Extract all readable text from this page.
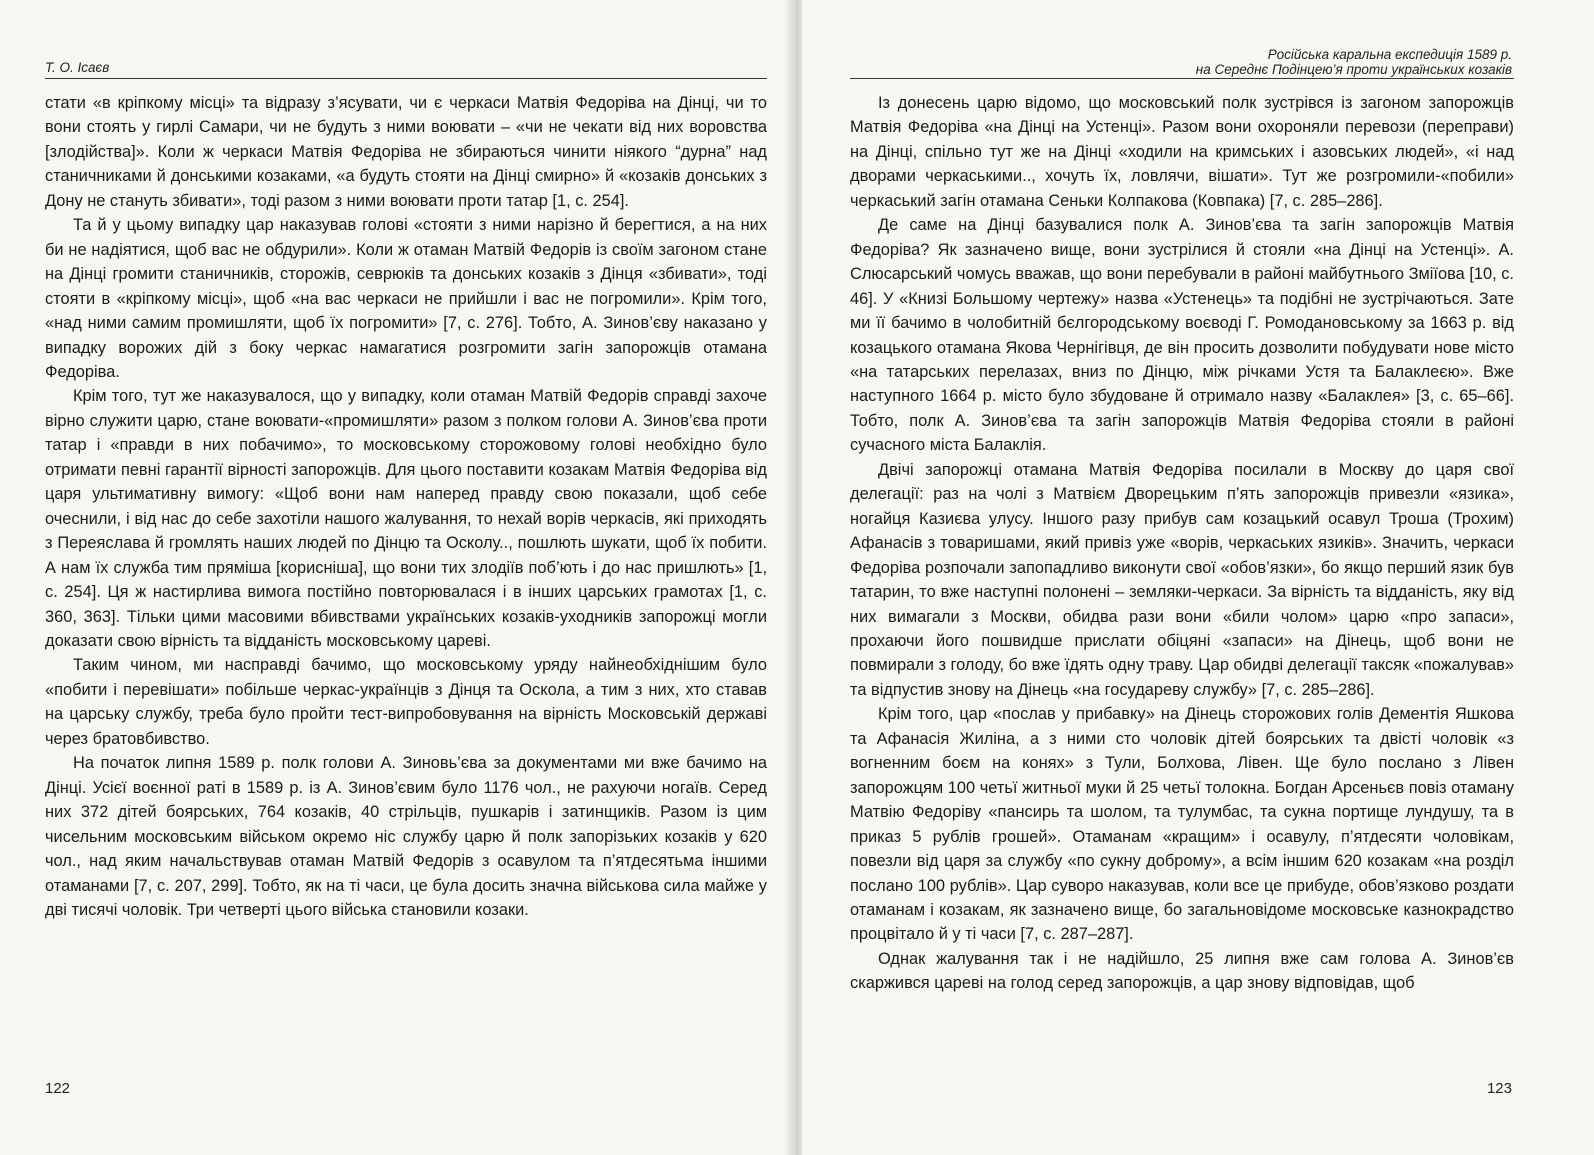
Т. О. Ісаєв

стати «в кріпкому місці» та відразу з’ясувати, чи є черкаси Матвія Федоріва на Дінці, чи то вони стоять у гирлі Самари, чи не будуть з ними воювати – «чи не чекати від них воровства [злодійства]». Коли ж черкаси Матвія Федоріва не збираються чинити ніякого “дурна” над станичниками й донськими козаками, «а будуть стояти на Дінці смирно» й «козаків донських з Дону не стануть збивати», тоді разом з ними воювати проти татар [1, с. 254].

Та й у цьому випадку цар наказував голові «стояти з ними нарізно й берегтися, а на них би не надіятися, щоб вас не обдурили». Коли ж отаман Матвій Федорів із своїм загоном стане на Дінці громити станичників, сторожів, севрюків та донських козаків з Дінця «збивати», тоді стояти в «кріпкому місці», щоб «на вас черкаси не прийшли і вас не погромили». Крім того, «над ними самим промишляти, щоб їх погромити» [7, с. 276]. Тобто, А. Зинов’єву наказано у випадку ворожих дій з боку черкас намагатися розгромити загін запорожців отамана Федоріва.

Крім того, тут же наказувалося, що у випадку, коли отаман Матвій Федорів справді захоче вірно служити царю, стане воювати-«промишляти» разом з полком голови А. Зинов’єва проти татар і «правди в них побачимо», то московському сторожовому голові необхідно було отримати певні гарантії вірності запорожців. Для цього поставити козакам Матвія Федоріва від царя ультимативну вимогу: «Щоб вони нам наперед правду свою показали, щоб себе очеснили, і від нас до себе захотіли нашого жалування, то нехай ворів черкасів, які приходять з Переяслава й громлять наших людей по Дінцю та Осколу.., пошлють шукати, щоб їх побити. А нам їх служба тим пряміша [корисніша], що вони тих злодіїв поб’ють і до нас пришлють» [1, с. 254]. Ця ж настирлива вимога постійно повторювалася і в інших царських грамотах [1, с. 360, 363]. Тільки цими масовими вбивствами українських козаків-уходників запорожці могли доказати свою вірність та відданість московському цареві.

Таким чином, ми насправді бачимо, що московському уряду найнеобхіднішим було «побити і перевішати» побільше черкас-українців з Дінця та Осколa, а тим з них, хто ставав на царську службу, треба було пройти тест-випробовування на вірність Московській державі через братовбивство.

На початок липня 1589 р. полк голови А. Зиновь’єва за документами ми вже бачимо на Дінці. Усієї воєнної раті в 1589 р. із А. Зинов’євим було 1176 чол., не рахуючи ногаїв. Серед них 372 дітей боярських, 764 козаків, 40 стрільців, пушкарів і затинщиків. Разом із цим чисельним московським військом окремо ніс службу царю й полк запорізьких козаків у 620 чол., над яким начальствував отаман Матвій Федорів з осавулом та п’ятдесятьма іншими отаманами [7, с. 207, 299]. Тобто, як на ті часи, це була досить значна військова сила майже у дві тисячі чоловік. Три четверті цього війська становили козаки.

122
Російська каральна експедиція 1589 р.
на Середнє Подінцею’я проти українських козаків

Із донесень царю відомо, що московський полк зустрівся із загоном запорожців Матвія Федоріва «на Дінці на Устенці». Разом вони охороняли перевози (переправи) на Дінці, спільно тут же на Дінці «ходили на кримських і азовських людей», «і над дворами черкаськими.., хочуть їх, ловлячи, вішати». Тут же розгромили-«побили» черкаський загін отамана Сеньки Колпакова (Ковпака) [7, с. 285–286].

Де саме на Дінці базувалися полк А. Зинов’єва та загін запорожців Матвія Федоріва? Як зазначено вище, вони зустрілися й стояли «на Дінці на Устенці». А. Слюсарський чомусь вважав, що вони перебували в районі майбутнього Зміїова [10, с. 46]. У «Книзі Большому чертежу» назва «Устенець» та подібні не зустрічаються. Зате ми її бачимо в чолобитній бєлгородському воєводі Г. Ромодановському за 1663 р. від козацького отамана Якова Чернігівця, де він просить дозволити побудувати нове місто «на татарських перелазах, вниз по Дінцю, між річками Устя та Балаклеєю». Вже наступного 1664 р. місто було збудоване й отримало назву «Балаклея» [3, с. 65–66]. Тобто, полк А. Зинов’єва та загін запорожців Матвія Федоріва стояли в районі сучасного міста Балаклія.

Двічі запорожці отамана Матвія Федоріва посилали в Москву до царя свої делегації: раз на чолі з Матвієм Дворецьким п’ять запорожців привезли «язика», ногайця Казиєва улусу. Іншого разу прибув сам козацький осавул Троша (Трохим) Афанасів з товаришами, який привіз уже «ворів, черкаських язиків». Значить, черкаси Федоріва розпочали запопадливо виконути свої «обов’язки», бо якщо перший язик був татарин, то вже наступні полонені – земляки-черкаси. За вірність та відданість, яку від них вимагали з Москви, обидва рази вони «били чолом» царю «про запаси», прохаючи його пошвидше прислати обіцяні «запаси» на Дінець, щоб вони не повмирали з голоду, бо вже їдять одну траву. Цар обидві делегації такcяк «пожалував» та відпустив знову на Дінець «на государеву службу» [7, с. 285–286].

Крім того, цар «послав у прибавку» на Дінець сторожових голів Дементія Яшкова та Афанасія Жиліна, а з ними сто чоловік дітей боярських та двісті чоловік «з вогненним боєм на конях» з Тули, Болхова, Лівен. Ще було послано з Лівен запорожцям 100 четьї житньої муки й 25 четьї толокна. Богдан Арсеньєв повіз отаману Матвію Федоріву «пансирь та шолом, та тулумбас, та сукна портище лундушу, та в приказ 5 рублів грошей». Отаманам «кращим» і осавулу, п’ятдесяти чоловікам, повезли від царя за службу «по сукну доброму», а всім іншим 620 козакам «на розділ послано 100 рублів». Цар суворо наказував, коли все це прибуде, обов’язково роздати отаманам і козакам, як зазначено вище, бо загальновідоме московське казнокрадство процвітало й у ті часи [7, с. 287–287].

Однак жалування так і не надійшло, 25 липня вже сам голова А. Зинов’єв скаржився цареві на голод серед запорожців, а цар знову відповідав, щоб

123
